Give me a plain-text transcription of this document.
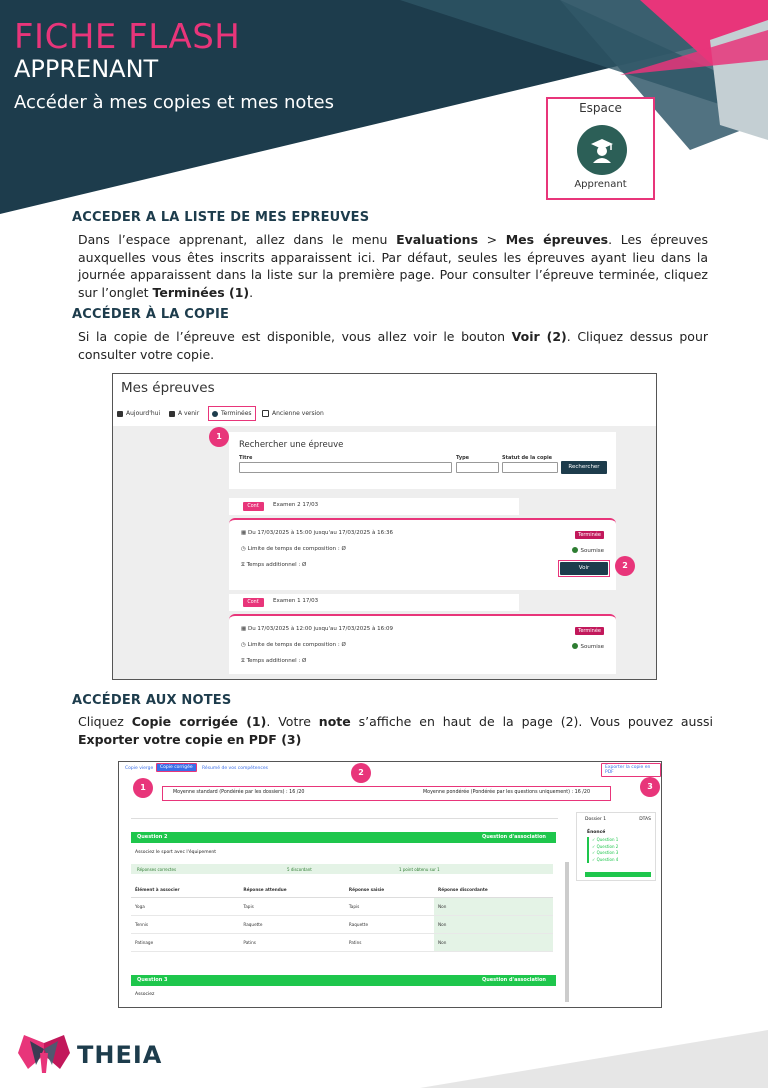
FICHE FLASH
APPRENANT
Accéder à mes copies et mes notes	Espace
Apprenant
ACCEDER A LA LISTE DE MES EPREUVES

Dans l’espace apprenant, allez dans le menu Evaluations > Mes épreuves. Les épreuves auxquelles vous êtes inscrits apparaissent ici. Par défaut, seules les épreuves ayant lieu dans la journée apparaissent dans la liste sur la première page. Pour consulter l’épreuve terminée, cliquez sur l’onglet Terminées (1).

ACCÉDER À LA COPIE

Si la copie de l’épreuve est disponible, vous allez voir le bouton Voir (2). Cliquez dessus pour consulter votre copie.

Mes épreuves
Aujourd'hui	A venir	Terminées	Ancienne version
1
Rechercher une épreuve
Titre	Type	Statut de la copie
Rechercher
Conf.	Examen 2 17/03
▦ Du 17/03/2025 à 15:00 jusqu'au 17/03/2025 à 16:36
◷ Limite de temps de composition : Ø
⧖ Temps additionnel : Ø
Terminée
Soumise
Voir	2
Conf.	Examen 1 17/03
▦ Du 17/03/2025 à 12:00 jusqu'au 17/03/2025 à 16:09
◷ Limite de temps de composition : Ø
⧖ Temps additionnel : Ø
Terminée
Soumise
ACCÉDER AUX NOTES

Cliquez Copie corrigée (1). Votre note s’affiche en haut de la page (2). Vous pouvez aussi Exporter votre copie en PDF (3)

Copie vierge	Copie corrigée	Résumé de vos compétences	Exporter la copie en PDF
1
2
3
Moyenne standard (Pondérée par les dossiers) : 16 /20	Moyenne pondérée (Pondérée par les questions uniquement) : 16 /20
Question 2	Question d'association
Associez le sport avec l'équipement
Réponses correctes	5 discordant	1 point obtenu sur 1
Élément à associer	Réponse attendue	Réponse saisie	Réponse discordante
Yoga	Tapis	Tapis	Non
Tennis	Raquette	Raquette	Non
Patinage	Patins	Patins	Non
Question 3	Question d'association
Associez
Dossier 1	DTAS
Énoncé
✓ Question 1
✓ Question 2
✓ Question 3
✓ Question 4
THEIA
